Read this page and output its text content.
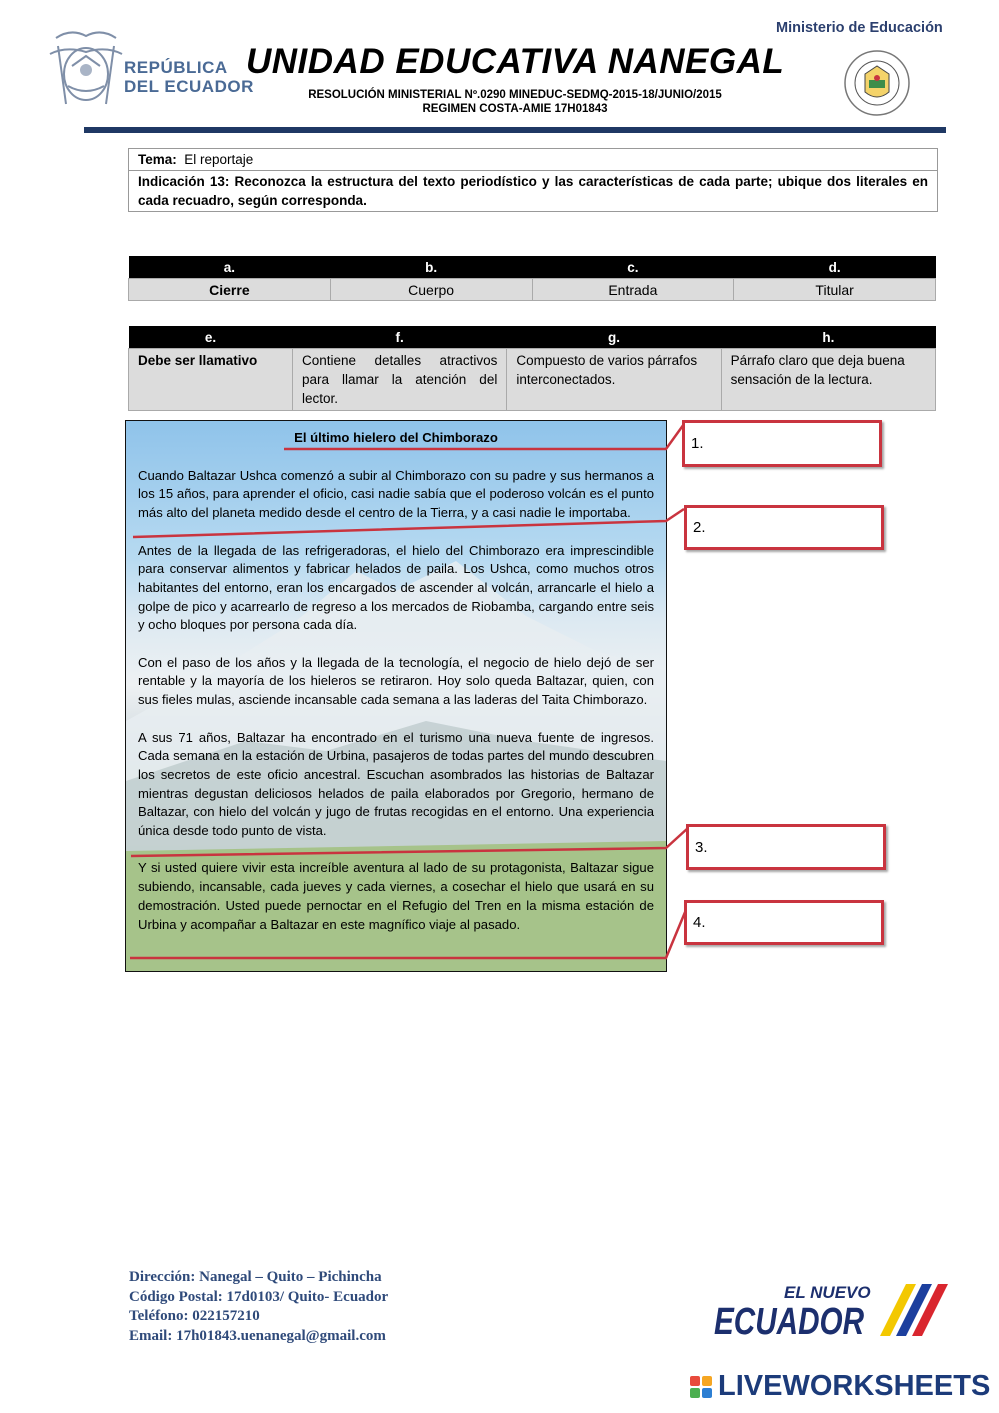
REPÚBLICA
DEL ECUADOR
UNIDAD EDUCATIVA NANEGAL
RESOLUCIÓN MINISTERIAL Nº.0290 MINEDUC-SEDMQ-2015-18/JUNIO/2015
REGIMEN COSTA-AMIE 17H01843
Ministerio de Educación
Tema: El reportaje
Indicación 13: Reconozca la estructura del texto periodístico y las características de cada parte; ubique dos literales en cada recuadro, según corresponda.
a.	b.	c.	d.
Cierre	Cuerpo	Entrada	Titular
e.	f.	g.	h.
Debe ser llamativo	Contiene detalles atractivos para llamar la atención del lector.	Compuesto de varios párrafos interconectados.	Párrafo claro que deja buena sensación de la lectura.
El último hielero del Chimborazo

Cuando Baltazar Ushca comenzó a subir al Chimborazo con su padre y sus hermanos a los 15 años, para aprender el oficio, casi nadie sabía que el poderoso volcán es el punto más alto del planeta medido desde el centro de la Tierra, y a casi nadie le importaba.

Antes de la llegada de las refrigeradoras, el hielo del Chimborazo era imprescindible para conservar alimentos y fabricar helados de paila. Los Ushca, como muchos otros habitantes del entorno, eran los encargados de ascender al volcán, arrancarle el hielo a golpe de pico y acarrearlo de regreso a los mercados de Riobamba, cargando entre seis y ocho bloques por persona cada día.

Con el paso de los años y la llegada de la tecnología, el negocio de hielo dejó de ser rentable y la mayoría de los hieleros se retiraron. Hoy solo queda Baltazar, quien, con sus fieles mulas, asciende incansable cada semana a las laderas del Taita Chimborazo.

A sus 71 años, Baltazar ha encontrado en el turismo una nueva fuente de ingresos. Cada semana en la estación de Urbina, pasajeros de todas partes del mundo descubren los secretos de este oficio ancestral. Escuchan asombrados las historias de Baltazar mientras degustan deliciosos helados de paila elaborados por Gregorio, hermano de Baltazar, con hielo del volcán y jugo de frutas recogidas en el entorno. Una experiencia única desde todo punto de vista.

Y si usted quiere vivir esta increíble aventura al lado de su protagonista, Baltazar sigue subiendo, incansable, cada jueves y cada viernes, a cosechar el hielo que usará en su demostración. Usted puede pernoctar en el Refugio del Tren en la misma estación de Urbina y acompañar a Baltazar en este magnífico viaje al pasado.

1.
2.
3.
4.
Dirección: Nanegal – Quito – Pichincha
Código Postal: 17d0103/ Quito- Ecuador
Teléfono: 022157210
Email: 17h01843.uenanegal@gmail.com
EL NUEVO
ECUADOR
LIVEWORKSHEETS
